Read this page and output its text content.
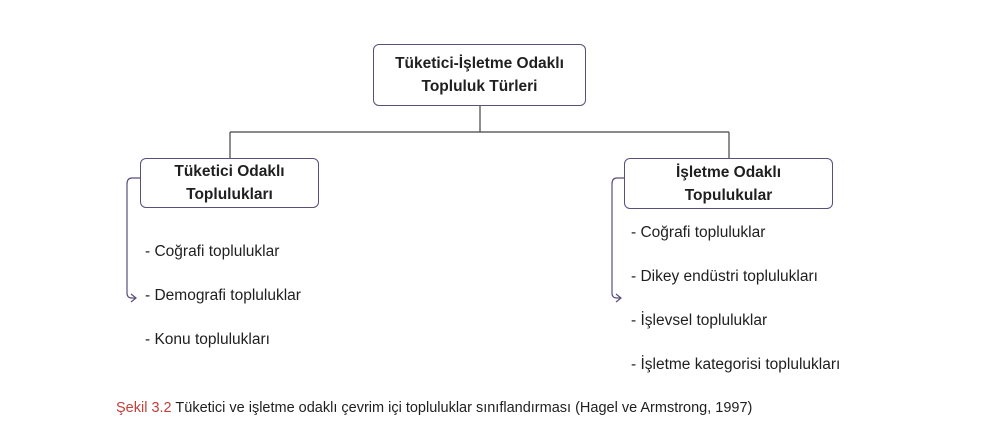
Tüketici-İşletme Odaklı
Topluluk Türleri
Tüketici Odaklı
Toplulukları
İşletme Odaklı
Topulukular
- Coğrafi topluluklar
- Demografi topluluklar
- Konu toplulukları
- Coğrafi topluluklar
- Dikey endüstri toplulukları
- İşlevsel topluluklar
- İşletme kategorisi toplulukları
Şekil 3.2 Tüketici ve işletme odaklı çevrim içi topluluklar sınıflandırması (Hagel ve Armstrong, 1997)
